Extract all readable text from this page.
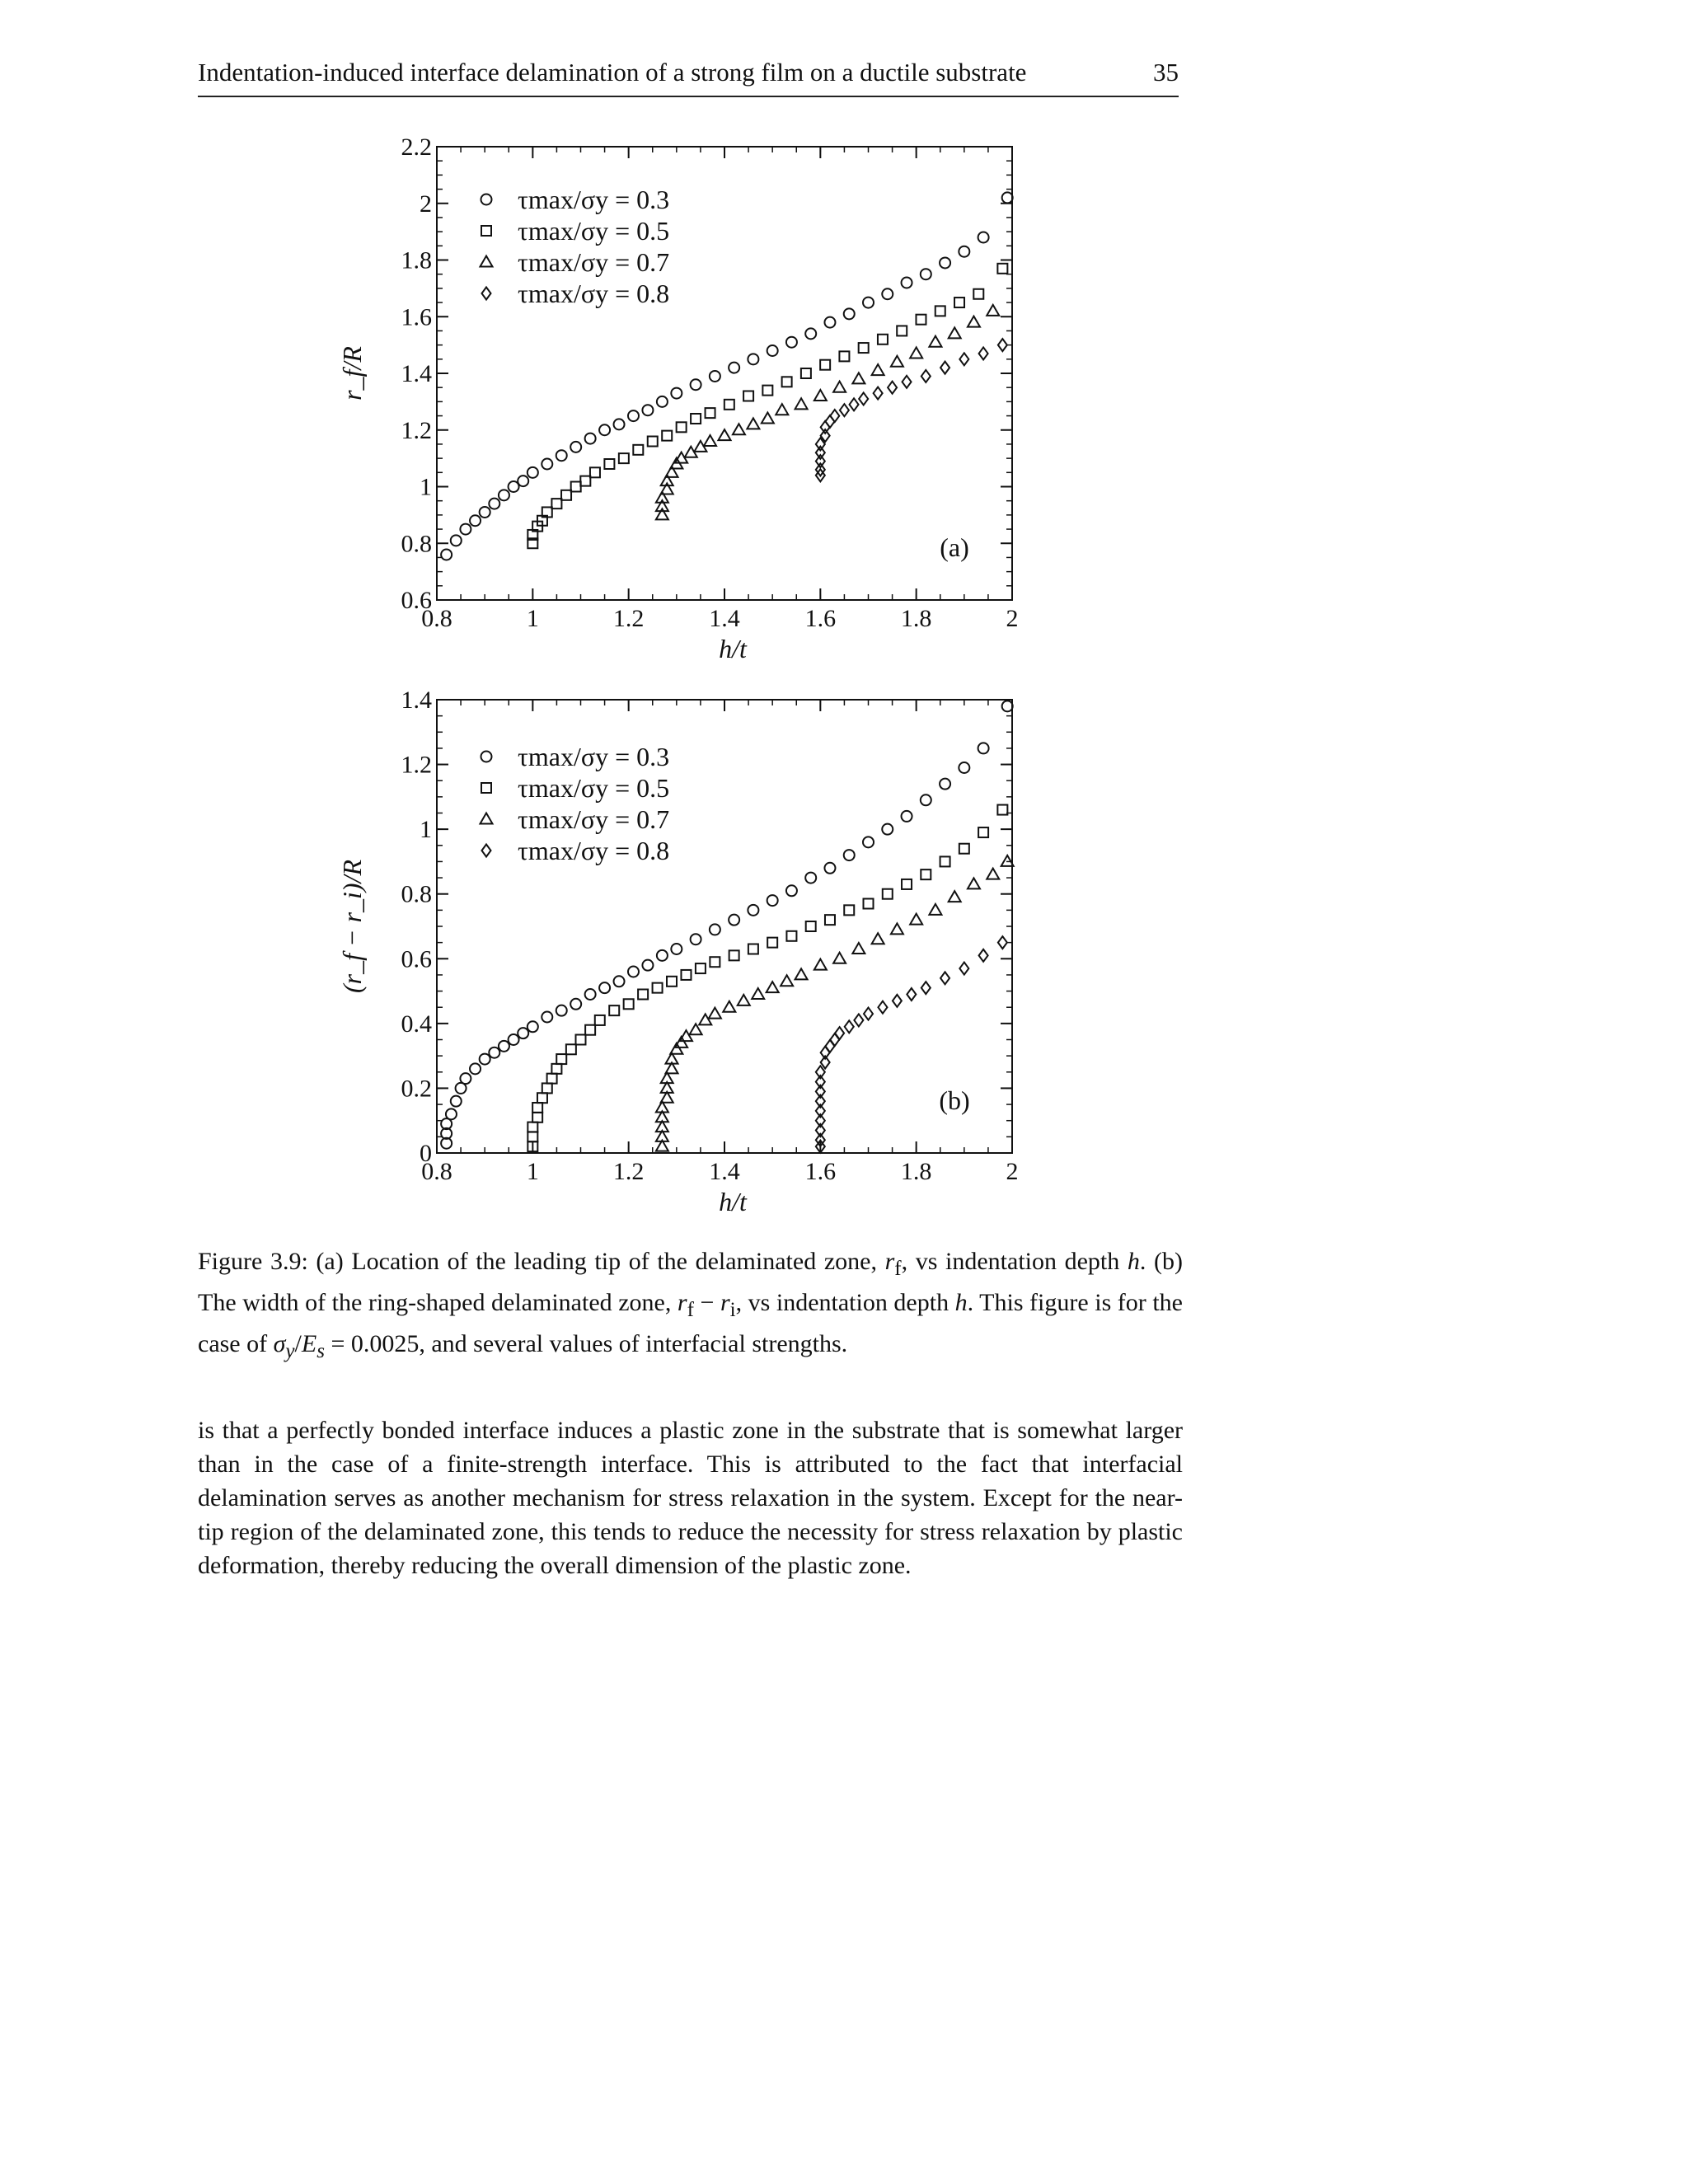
Indentation-induced interface delamination of a strong film on a ductile substrate	35
0.8	1	1.2	1.4	1.6	1.8	2
0.6
0.8
1
1.2
1.4
1.6
1.8
2
2.2
h/t
r_f/R
(a)
τmax/σy = 0.3
τmax/σy = 0.5
τmax/σy = 0.7
τmax/σy = 0.8
0.8	1	1.2	1.4	1.6	1.8	2
0
0.2
0.4
0.6
0.8
1
1.2
1.4
h/t
(r_f − r_i)/R
(b)
τmax/σy = 0.3
τmax/σy = 0.5
τmax/σy = 0.7
τmax/σy = 0.8
Figure 3.9: (a) Location of the leading tip of the delaminated zone, $r_f$, vs indentation depth h. (b) The width of the ring-shaped delaminated zone, $r_f - r_i$, vs indentation depth h. This figure is for the case of $\sigma_y/E_s = 0.0025$, and several values of interfacial strengths.

is that a perfectly bonded interface induces a plastic zone in the substrate that is somewhat larger than in the case of a finite-strength interface. This is attributed to the fact that interfacial delamination serves as another mechanism for stress relaxation in the system. Except for the near-tip region of the delaminated zone, this tends to reduce the necessity for stress relaxation by plastic deformation, thereby reducing the overall dimension of the plastic zone.
